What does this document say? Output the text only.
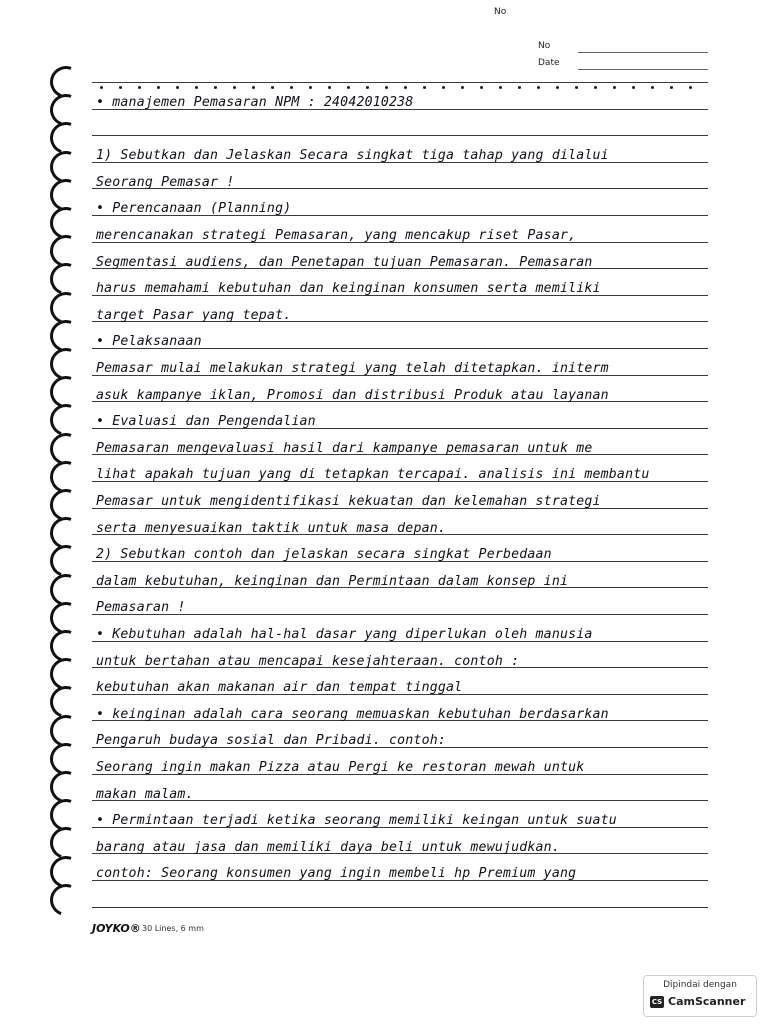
No
No
Date
• manajemen Pemasaran NPM : 24042010238
1) Sebutkan dan Jelaskan Secara singkat tiga tahap yang dilalui
Seorang Pemasar !
• Perencanaan (Planning)
merencanakan strategi Pemasaran, yang mencakup riset Pasar,
Segmentasi audiens, dan Penetapan tujuan Pemasaran. Pemasaran
harus memahami kebutuhan dan keinginan konsumen serta memiliki
target Pasar yang tepat.
• Pelaksanaan
Pemasar mulai melakukan strategi yang telah ditetapkan. initerm
asuk kampanye iklan, Promosi dan distribusi Produk atau layanan
• Evaluasi dan Pengendalian
Pemasaran mengevaluasi hasil dari kampanye pemasaran untuk me
lihat apakah tujuan yang di tetapkan tercapai. analisis ini membantu
Pemasar untuk mengidentifikasi kekuatan dan kelemahan strategi
serta menyesuaikan taktik untuk masa depan.
2) Sebutkan contoh dan jelaskan secara singkat Perbedaan
dalam kebutuhan, keinginan dan Permintaan dalam konsep ini
Pemasaran !
• Kebutuhan adalah hal-hal dasar yang diperlukan oleh manusia
untuk bertahan atau mencapai kesejahteraan. contoh :
kebutuhan akan makanan air dan tempat tinggal
• keinginan adalah cara seorang memuaskan kebutuhan berdasarkan
Pengaruh budaya sosial dan Pribadi. contoh:
Seorang ingin makan Pizza atau Pergi ke restoran mewah untuk
makan malam.
• Permintaan terjadi ketika seorang memiliki keingan untuk suatu
barang atau jasa dan memiliki daya beli untuk mewujudkan.
contoh: Seorang konsumen yang ingin membeli hp Premium yang
JOYKO® 30 Lines, 6 mm
Dipindai dengan
CS CamScanner
